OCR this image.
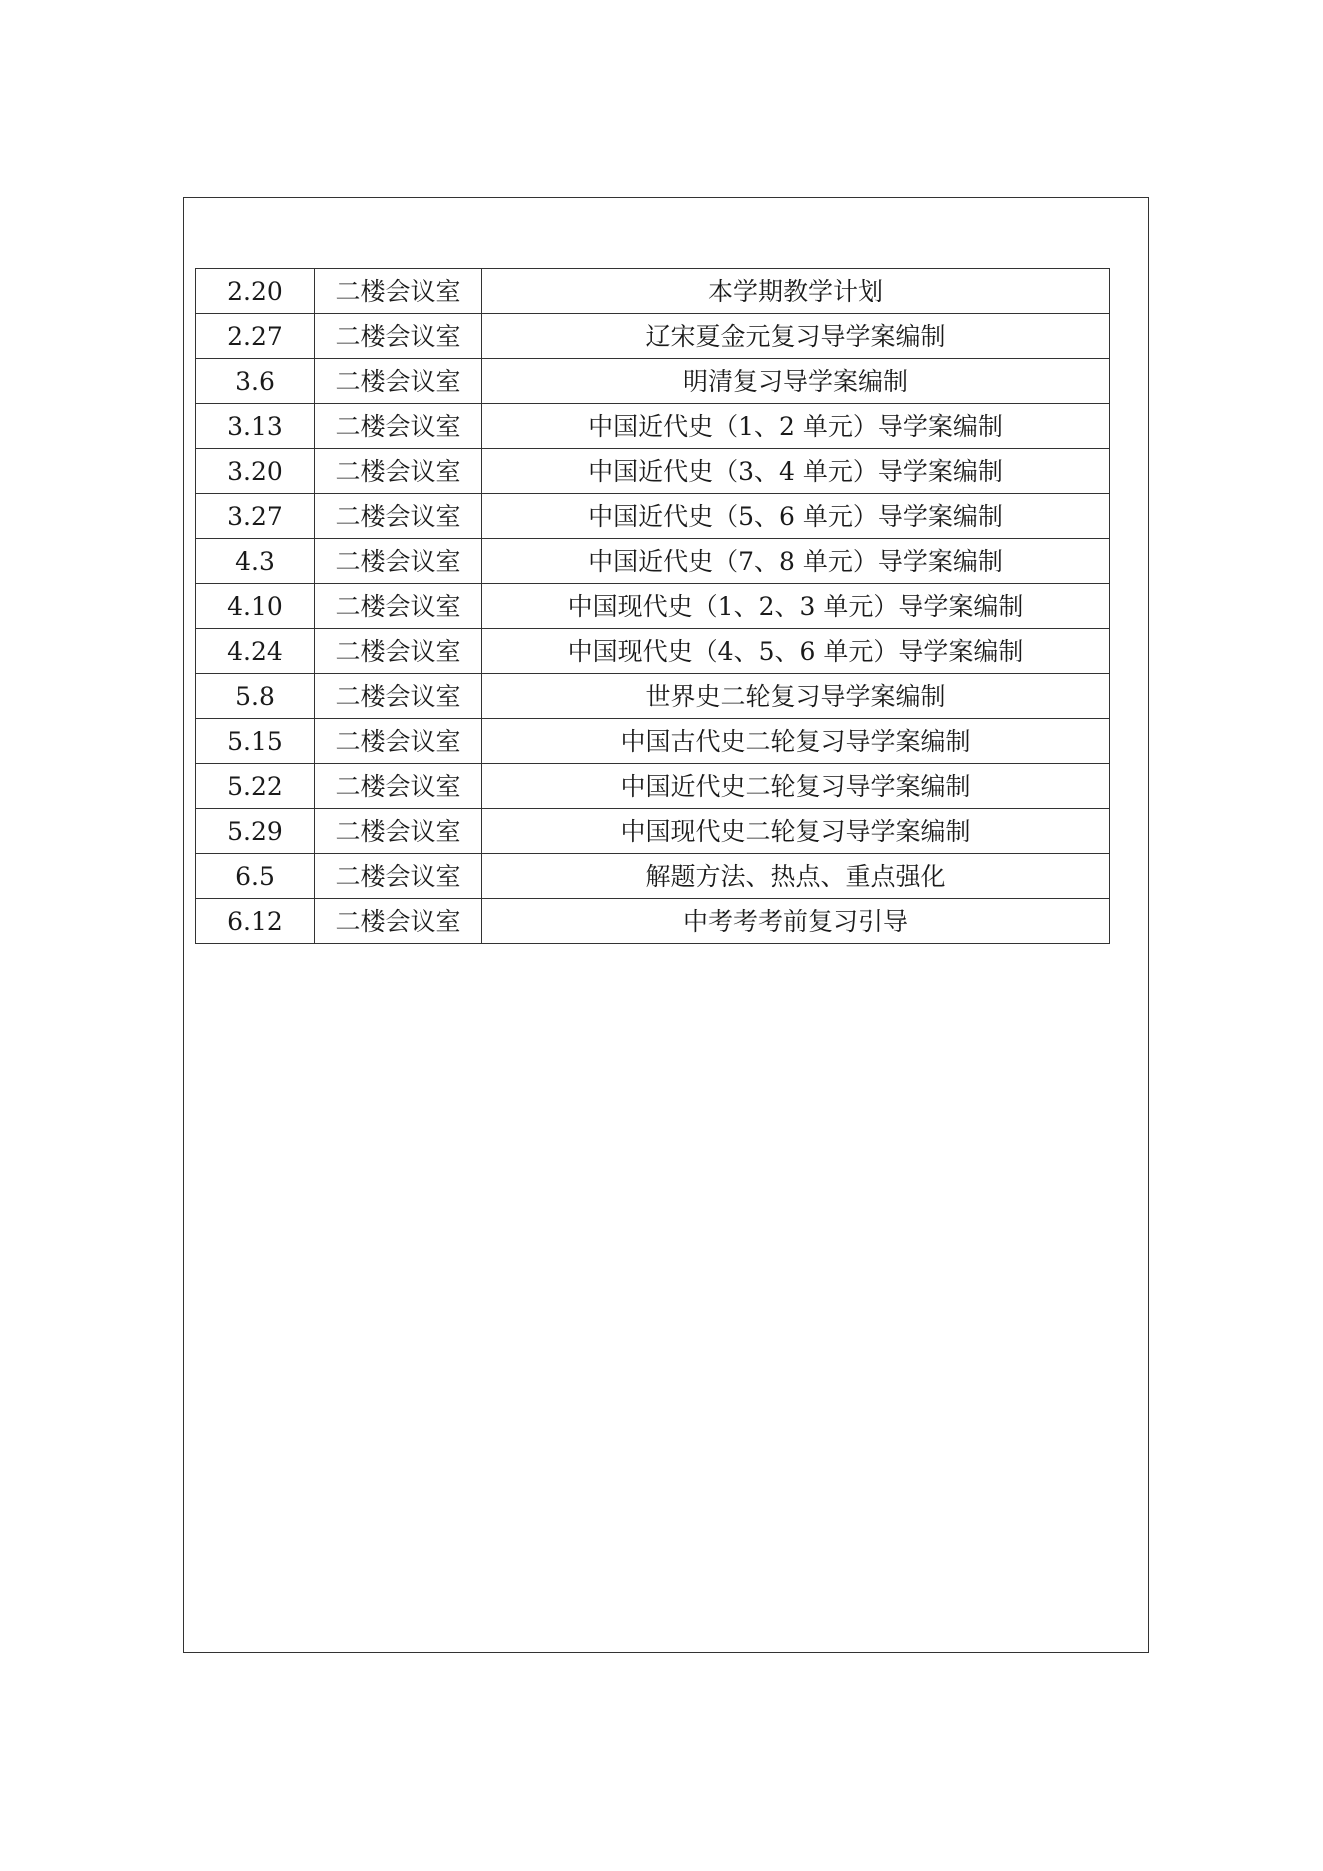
2.20	二楼会议室	本学期教学计划
2.27	二楼会议室	辽宋夏金元复习导学案编制
3.6	二楼会议室	明清复习导学案编制
3.13	二楼会议室	中国近代史（1、2 单元）导学案编制
3.20	二楼会议室	中国近代史（3、4 单元）导学案编制
3.27	二楼会议室	中国近代史（5、6 单元）导学案编制
4.3	二楼会议室	中国近代史（7、8 单元）导学案编制
4.10	二楼会议室	中国现代史（1、2、3 单元）导学案编制
4.24	二楼会议室	中国现代史（4、5、6 单元）导学案编制
5.8	二楼会议室	世界史二轮复习导学案编制
5.15	二楼会议室	中国古代史二轮复习导学案编制
5.22	二楼会议室	中国近代史二轮复习导学案编制
5.29	二楼会议室	中国现代史二轮复习导学案编制
6.5	二楼会议室	解题方法、热点、重点强化
6.12	二楼会议室	中考考考前复习引导
